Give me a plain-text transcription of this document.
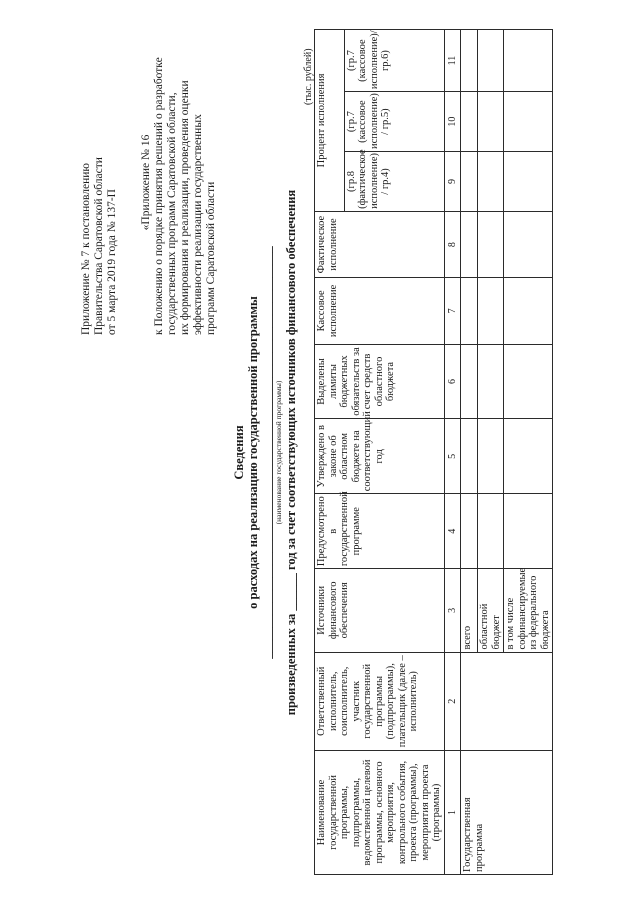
Приложение № 7 к постановлению Правительства Саратовской области от 5 марта 2019 года № 137-П
«Приложение № 16 к Положению о порядке принятия решений о разработке государственных программ Саратовской области, их формирования и реализации, проведения оценки эффективности реализации государственных программ Саратовской области
Сведения о расходах на реализацию государственной программы __________________________________________________________________ (наименование государственной программы)
произведенных за ______ год за счет соответствующих источников финансового обеспечения
(тыс. рублей)
Наименование государственной программы, подпрограммы, ведомственной целевой программы, основного мероприятия, контрольного события, проекта (программы), мероприятия проекта (программы)	Ответственный исполнитель, соисполнитель, участник государственной программы (подпрограммы), плательщик (далее – исполнитель)	Источники финансового обеспечения	Предусмотрено в государственной программе	Утверждено в законе об областном бюджете на соответствующий год	Выделены лимиты бюджетных обязательств за счет средств областного бюджета	Кассовое исполнение	Фактическое исполнение	Процент исполнения		
								(гр.8 (фактическое исполнение) / гр.4)	(гр.7 (кассовое исполнение) / гр.5)	(гр.7 (кассовое исполнение)/ гр.6)
1	2	3	4	5	6	7	8	9	10	11
Государственная программа		всего								
		областной бюджет								
		в том числе софинансируемые из федерального бюджета								
